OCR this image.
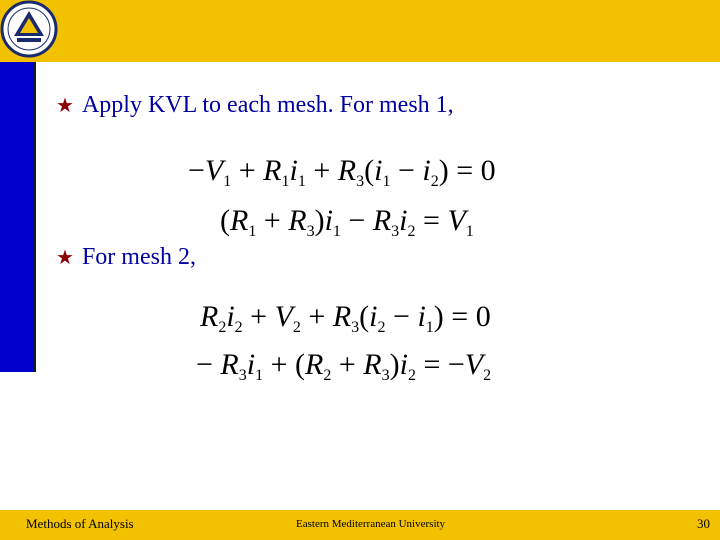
★ Apply KVL to each mesh. For mesh 1,
$-V_1 + R_1i_1 + R_3(i_1 - i_2) = 0$
$(R_1 + R_3)i_1 - R_3i_2 = V_1$
★ For mesh 2,
$R_2i_2 + V_2 + R_3(i_2 - i_1) = 0$
− $R_3i_1 + (R_2 + R_3)i_2 = -V_2$
Methods of Analysis	Eastern Mediterranean University	30
